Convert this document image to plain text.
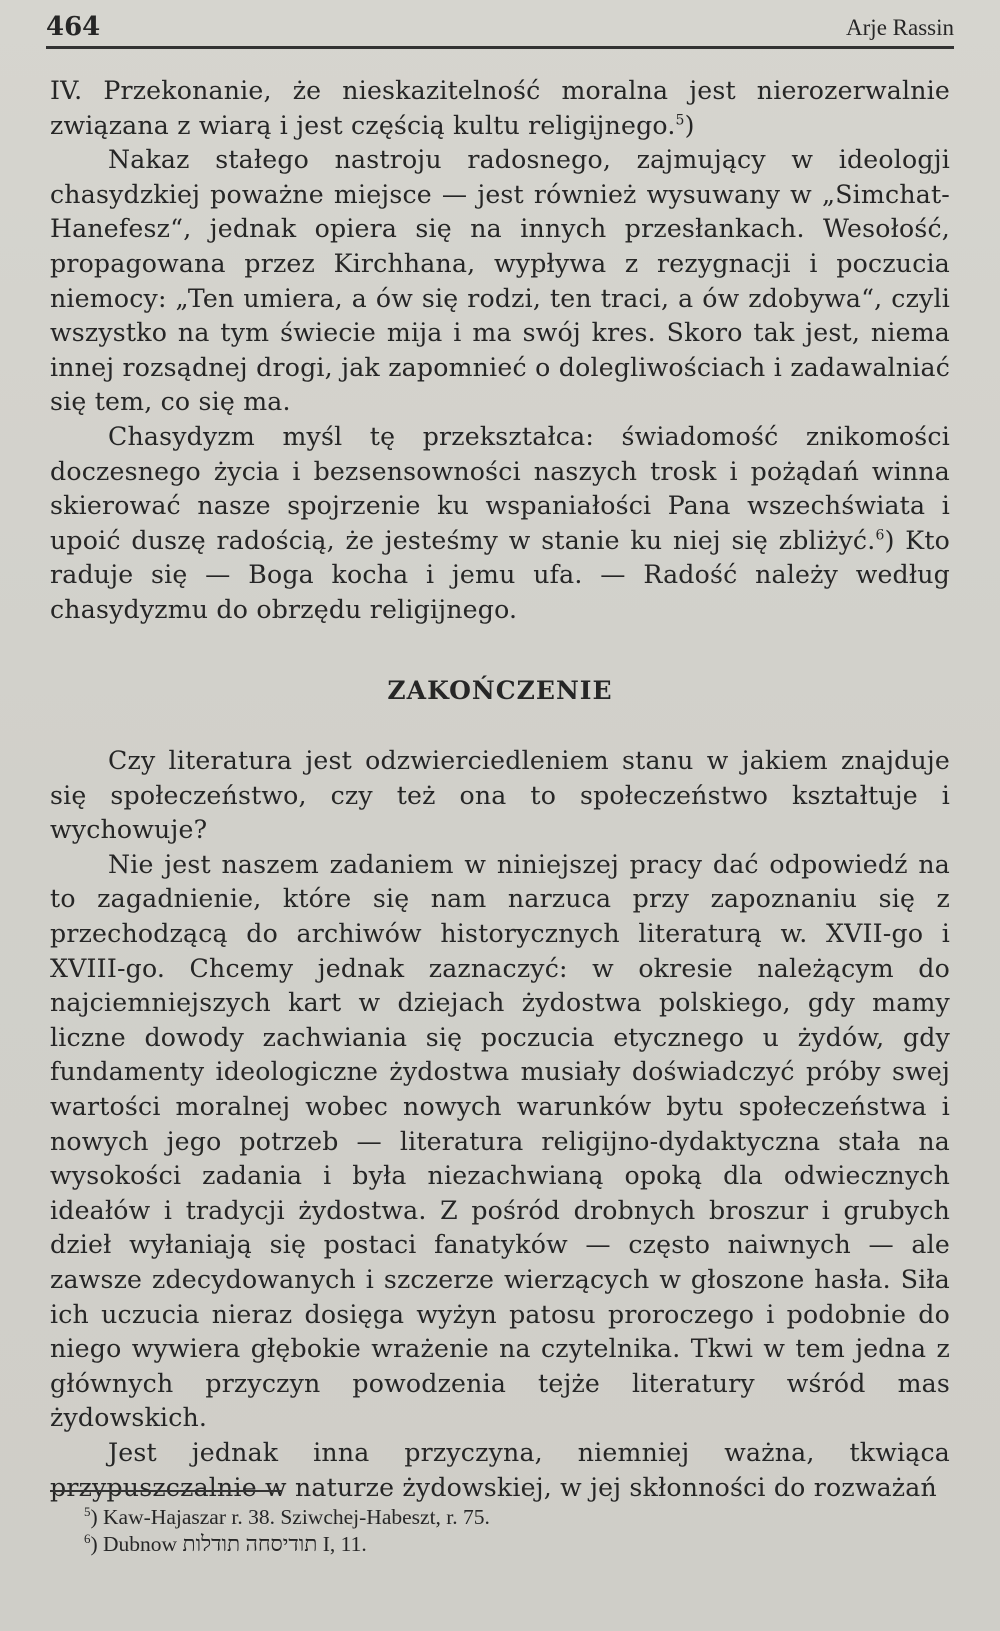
464	Arje Rassin

IV. Przekonanie, że nieskazitelność moralna jest nierozerwalnie związana z wiarą i jest częścią kultu religijnego.$^5$)

Nakaz stałego nastroju radosnego, zajmujący w ideologji chasydzkiej poważne miejsce — jest również wysuwany w „Simchat-Hanefesz“, jednak opiera się na innych przesłankach. Wesołość, propagowana przez Kirchhana, wypływa z rezygnacji i poczucia niemocy: „Ten umiera, a ów się rodzi, ten traci, a ów zdobywa“, czyli wszystko na tym świecie mija i ma swój kres. Skoro tak jest, niema innej rozsądnej drogi, jak zapomnieć o dolegliwościach i zadawalniać się tem, co się ma.

Chasydyzm myśl tę przekształca: świadomość znikomości doczesnego życia i bezsensowności naszych trosk i pożądań winna skierować nasze spojrzenie ku wspaniałości Pana wszechświata i upoić duszę radością, że jesteśmy w stanie ku niej się zbliżyć.$^6$) Kto raduje się — Boga kocha i jemu ufa. — Radość należy według chasydyzmu do obrzędu religijnego.

ZAKOŃCZENIE

Czy literatura jest odzwierciedleniem stanu w jakiem znajduje się społeczeństwo, czy też ona to społeczeństwo kształtuje i wychowuje?

Nie jest naszem zadaniem w niniejszej pracy dać odpowiedź na to zagadnienie, które się nam narzuca przy zapoznaniu się z przechodzącą do archiwów historycznych literaturą w. XVII-go i XVIII-go. Chcemy jednak zaznaczyć: w okresie należącym do najciemniejszych kart w dziejach żydostwa polskiego, gdy mamy liczne dowody zachwiania się poczucia etycznego u żydów, gdy fundamenty ideologiczne żydostwa musiały doświadczyć próby swej wartości moralnej wobec nowych warunków bytu społeczeństwa i nowych jego potrzeb — literatura religijno-dydaktyczna stała na wysokości zadania i była niezachwianą opoką dla odwiecznych ideałów i tradycji żydostwa. Z pośród drobnych broszur i grubych dzieł wyłaniają się postaci fanatyków — często naiwnych — ale zawsze zdecydowanych i szczerze wierzących w głoszone hasła. Siła ich uczucia nieraz dosięga wyżyn patosu proroczego i podobnie do niego wywiera głębokie wrażenie na czytelnika. Tkwi w tem jedna z głównych przyczyn powodzenia tejże literatury wśród mas żydowskich.

Jest jednak inna przyczyna, niemniej ważna, tkwiąca przypuszczalnie w naturze żydowskiej, w jej skłonności do rozważań

$^5$) Kaw-Hajaszar r. 38. Sziwchej-Habeszt, r. 75.

$^6$) Dubnow ‭תולדות החסידות‬ I, 11.
